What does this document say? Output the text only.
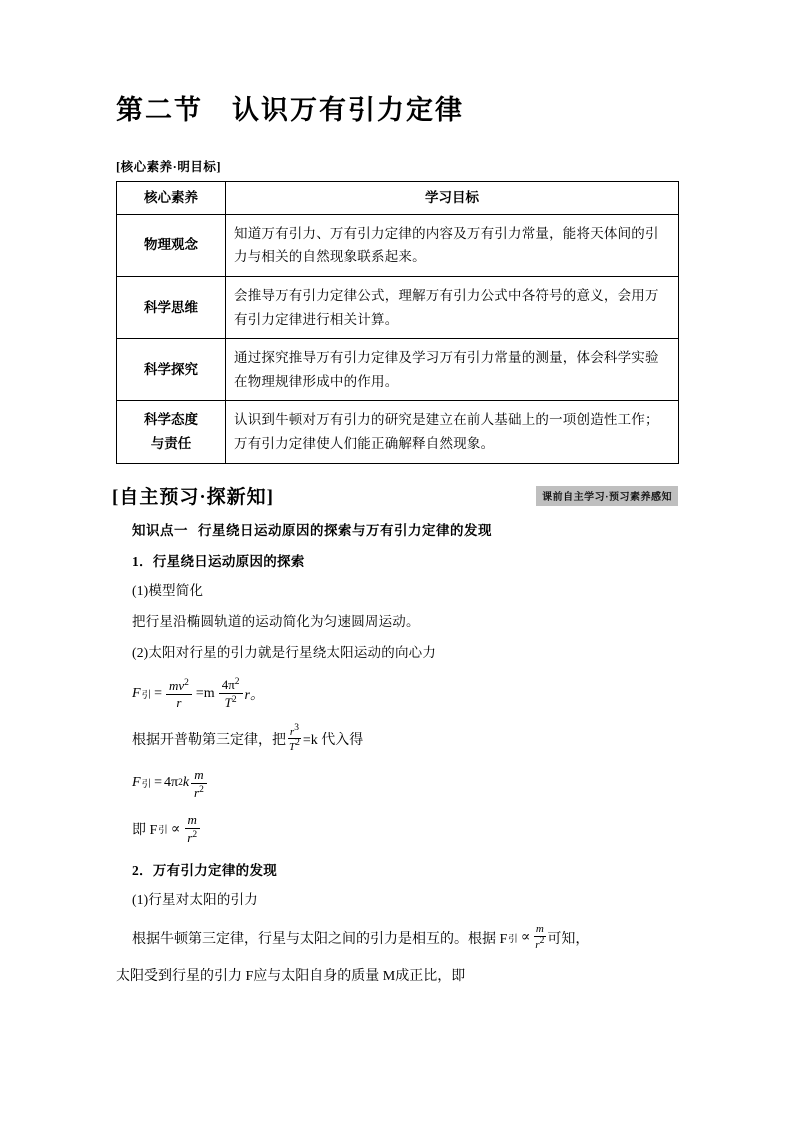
第二节　认识万有引力定律
[核心素养·明目标]
核心素养	学习目标
物理观念	知道万有引力、万有引力定律的内容及万有引力常量，能将天体间的引力与相关的自然现象联系起来。
科学思维	会推导万有引力定律公式，理解万有引力公式中各符号的意义，会用万有引力定律进行相关计算。
科学探究	通过探究推导万有引力定律及学习万有引力常量的测量，体会科学实验在物理规律形成中的作用。

科学态度
与责任	认识到牛顿对万有引力的研究是建立在前人基础上的一项创造性工作；万有引力定律使人们能正确解释自然现象。
[自主预习·探新知]	课前自主学习·预习素养感知
知识点一 行星绕日运动原因的探索与万有引力定律的发现
1．行星绕日运动原因的探索
(1)模型简化
把行星沿椭圆轨道的运动简化为匀速圆周运动。
(2)太阳对行星的引力就是行星绕太阳运动的向心力
F 引 = $\frac{mv^2}{r} =m \frac{4\pi^2}{T^2}$ r。
根据开普勒第三定律，把 $\frac{r3}{T2} =k$ 代入得
F 引 = 4π 2 k $\frac{m}{r^2}$
即 F 引 ∝ $\frac{m}{r^2}$
2．万有引力定律的发现
(1)行星对太阳的引力
根据牛顿第三定律，行星与太阳之间的引力是相互的。根据 F 引 ∝ $\frac{m}{r2}$ 可知，
太阳受到行星的引力 F 应与太阳自身的质量 M 成正比，即
